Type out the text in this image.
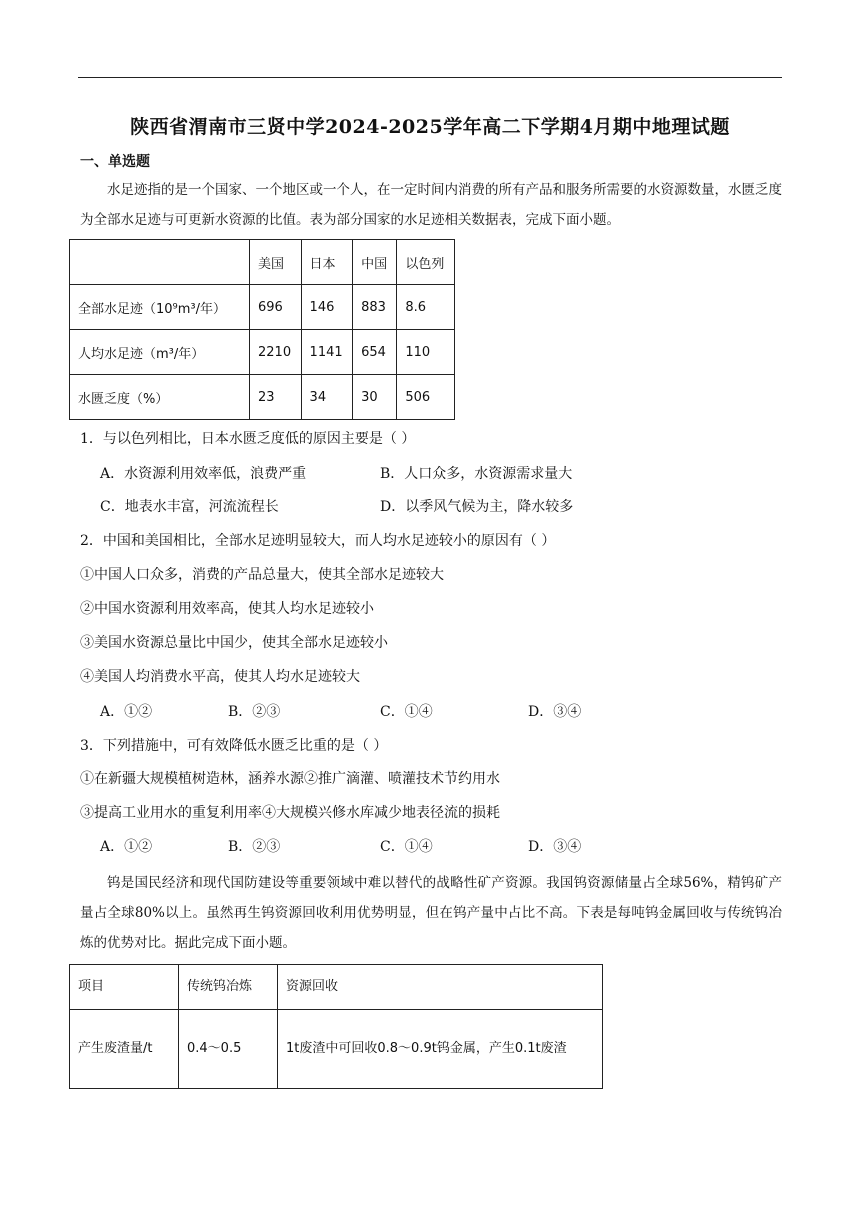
陕西省渭南市三贤中学2024-2025学年高二下学期4月期中地理试题
一、单选题
水足迹指的是一个国家、一个地区或一个人，在一定时间内消费的所有产品和服务所需要的水资源数量，水匮乏度为全部水足迹与可更新水资源的比值。表为部分国家的水足迹相关数据表，完成下面小题。
	美国	日本	中国	以色列
全部水足迹（10⁹m³/年）	696	146	883	8.6
人均水足迹（m³/年）	2210	1141	654	110
水匮乏度（%）	23	34	30	506
1．与以色列相比，日本水匮乏度低的原因主要是（ ）
A．水资源利用效率低，浪费严重	B．人口众多，水资源需求量大
C．地表水丰富，河流流程长	D．以季风气候为主，降水较多
2．中国和美国相比，全部水足迹明显较大，而人均水足迹较小的原因有（ ）
①中国人口众多，消费的产品总量大，使其全部水足迹较大
②中国水资源利用效率高，使其人均水足迹较小
③美国水资源总量比中国少，使其全部水足迹较小
④美国人均消费水平高，使其人均水足迹较大
A．①②	B．②③	C．①④	D．③④
3．下列措施中，可有效降低水匮乏比重的是（ ）
①在新疆大规模植树造林，涵养水源②推广滴灌、喷灌技术节约用水
③提高工业用水的重复利用率④大规模兴修水库减少地表径流的损耗
A．①②	B．②③	C．①④	D．③④
钨是国民经济和现代国防建设等重要领域中难以替代的战略性矿产资源。我国钨资源储量占全球56%，精钨矿产量占全球80%以上。虽然再生钨资源回收利用优势明显，但在钨产量中占比不高。下表是每吨钨金属回收与传统钨冶炼的优势对比。据此完成下面小题。
项目	传统钨冶炼	资源回收
产生废渣量/t	0.4～0.5	1t废渣中可回收0.8～0.9t钨金属，产生0.1t废渣
